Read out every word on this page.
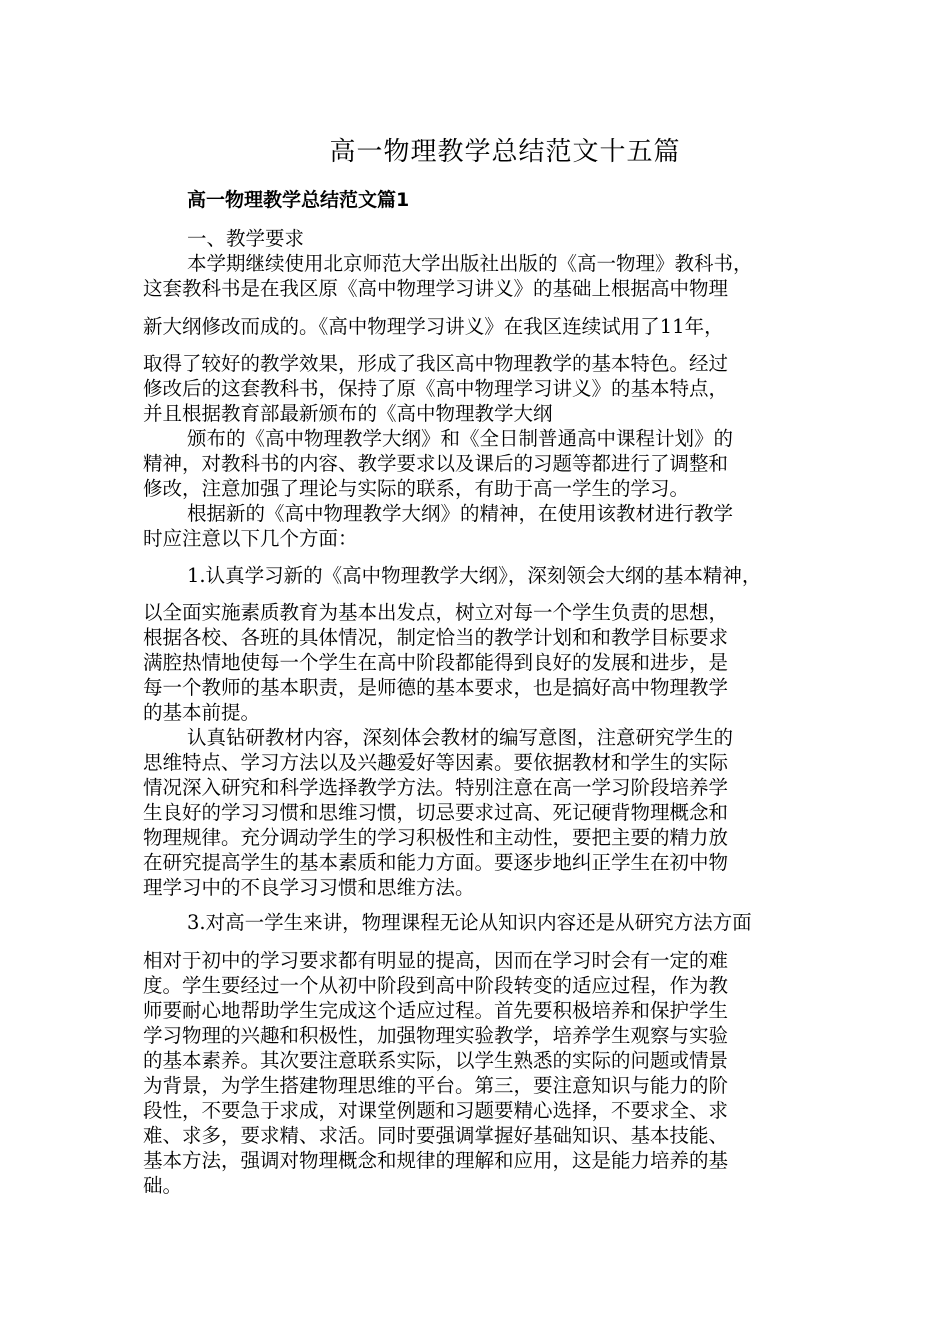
高一物理教学总结范文十五篇
高一物理教学总结范文篇1
一、教学要求
本学期继续使用北京师范大学出版社出版的《高一物理》教科书，
这套教科书是在我区原《高中物理学习讲义》的基础上根据高中物理
新大纲修改而成的。《高中物理学习讲义》在我区连续试用了11年，
取得了较好的教学效果，形成了我区高中物理教学的基本特色。经过
修改后的这套教科书，保持了原《高中物理学习讲义》的基本特点，
并且根据教育部最新颁布的《高中物理教学大纲
颁布的《高中物理教学大纲》和《全日制普通高中课程计划》的
精神，对教科书的内容、教学要求以及课后的习题等都进行了调整和
修改，注意加强了理论与实际的联系，有助于高一学生的学习。
根据新的《高中物理教学大纲》的精神，在使用该教材进行教学
时应注意以下几个方面：
1.认真学习新的《高中物理教学大纲》，深刻领会大纲的基本精神，
以全面实施素质教育为基本出发点，树立对每一个学生负责的思想，
根据各校、各班的具体情况，制定恰当的教学计划和和教学目标要求
满腔热情地使每一个学生在高中阶段都能得到良好的发展和进步，是
每一个教师的基本职责，是师德的基本要求，也是搞好高中物理教学
的基本前提。
认真钻研教材内容，深刻体会教材的编写意图，注意研究学生的
思维特点、学习方法以及兴趣爱好等因素。要依据教材和学生的实际
情况深入研究和科学选择教学方法。特别注意在高一学习阶段培养学
生良好的学习习惯和思维习惯，切忌要求过高、死记硬背物理概念和
物理规律。充分调动学生的学习积极性和主动性，要把主要的精力放
在研究提高学生的基本素质和能力方面。要逐步地纠正学生在初中物
理学习中的不良学习习惯和思维方法。
3.对高一学生来讲，物理课程无论从知识内容还是从研究方法方面
相对于初中的学习要求都有明显的提高，因而在学习时会有一定的难
度。学生要经过一个从初中阶段到高中阶段转变的适应过程，作为教
师要耐心地帮助学生完成这个适应过程。首先要积极培养和保护学生
学习物理的兴趣和积极性，加强物理实验教学，培养学生观察与实验
的基本素养。其次要注意联系实际，以学生熟悉的实际的问题或情景
为背景，为学生搭建物理思维的平台。第三，要注意知识与能力的阶
段性，不要急于求成，对课堂例题和习题要精心选择，不要求全、求
难、求多，要求精、求活。同时要强调掌握好基础知识、基本技能、
基本方法，强调对物理概念和规律的理解和应用，这是能力培养的基
础。
